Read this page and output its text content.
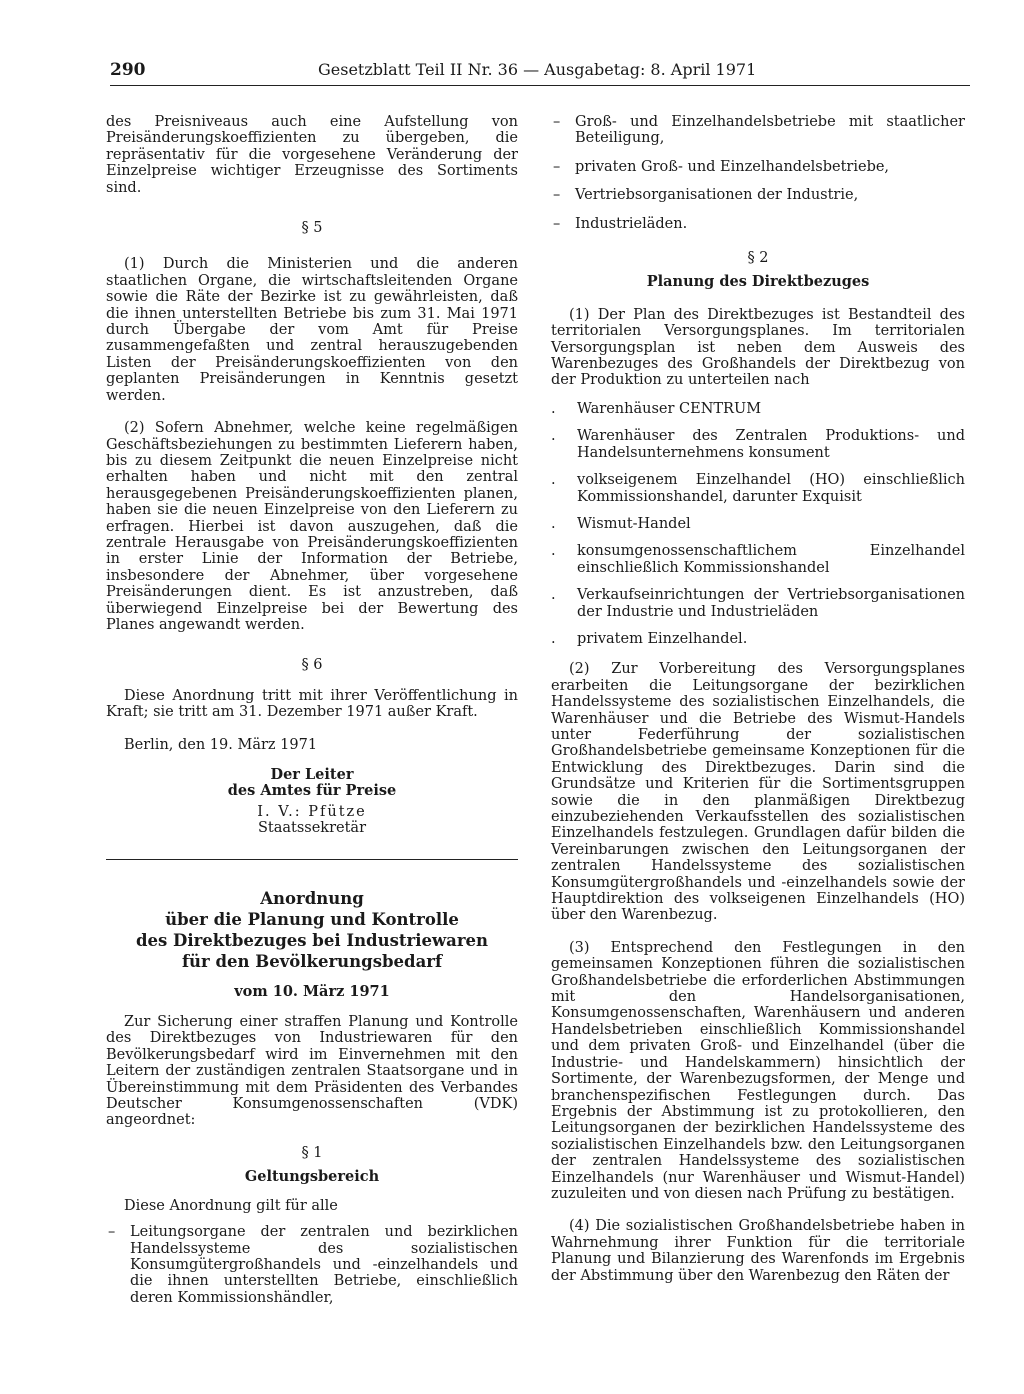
290	Gesetzblatt Teil II Nr. 36 — Ausgabetag: 8. April 1971

des Preisniveaus auch eine Aufstellung von Preisänderungskoeffizienten zu übergeben, die repräsentativ für die vorgesehene Veränderung der Einzelpreise wichtiger Erzeugnisse des Sortiments sind.

§ 5

(1) Durch die Ministerien und die anderen staatlichen Organe, die wirtschaftsleitenden Organe sowie die Räte der Bezirke ist zu gewährleisten, daß die ihnen unterstellten Betriebe bis zum 31. Mai 1971 durch Übergabe der vom Amt für Preise zusammengefaßten und zentral herauszugebenden Listen der Preisänderungskoeffizienten von den geplanten Preisänderungen in Kenntnis gesetzt werden.

(2) Sofern Abnehmer, welche keine regelmäßigen Geschäftsbeziehungen zu bestimmten Lieferern haben, bis zu diesem Zeitpunkt die neuen Einzelpreise nicht erhalten haben und nicht mit den zentral herausgegebenen Preisänderungskoeffizienten planen, haben sie die neuen Einzelpreise von den Lieferern zu erfragen. Hierbei ist davon auszugehen, daß die zentrale Herausgabe von Preisänderungskoeffizienten in erster Linie der Information der Betriebe, insbesondere der Abnehmer, über vorgesehene Preisänderungen dient. Es ist anzustreben, daß überwiegend Einzelpreise bei der Bewertung des Planes angewandt werden.

§ 6

Diese Anordnung tritt mit ihrer Veröffentlichung in Kraft; sie tritt am 31. Dezember 1971 außer Kraft.

Berlin, den 19. März 1971

Der Leiter

des Amtes für Preise

I. V.: Pfütze

Staatssekretär

Anordnung

über die Planung und Kontrolle

des Direktbezuges bei Industriewaren

für den Bevölkerungsbedarf

vom 10. März 1971

Zur Sicherung einer straffen Planung und Kontrolle des Direktbezuges von Industriewaren für den Bevölkerungsbedarf wird im Einvernehmen mit den Leitern der zuständigen zentralen Staatsorgane und in Übereinstimmung mit dem Präsidenten des Verbandes Deutscher Konsumgenossenschaften (VDK) angeordnet:

§ 1

Geltungsbereich

Diese Anordnung gilt für alle

– Leitungsorgane der zentralen und bezirklichen Handelssysteme des sozialistischen Konsumgütergroßhandels und -einzelhandels und die ihnen unterstellten Betriebe, einschließlich deren Kommissionshändler,
– Groß- und Einzelhandelsbetriebe mit staatlicher Beteiligung,
– privaten Groß- und Einzelhandelsbetriebe,
– Vertriebsorganisationen der Industrie,
– Industrieläden.

§ 2

Planung des Direktbezuges

(1) Der Plan des Direktbezuges ist Bestandteil des territorialen Versorgungsplanes. Im territorialen Versorgungsplan ist neben dem Ausweis des Warenbezuges des Großhandels der Direktbezug von der Produktion zu unterteilen nach

. Warenhäuser CENTRUM
. Warenhäuser des Zentralen Produktions- und Handelsunternehmens konsument
. volkseigenem Einzelhandel (HO) einschließlich Kommissionshandel, darunter Exquisit
. Wismut-Handel
. konsumgenossenschaftlichem Einzelhandel einschließlich Kommissionshandel
. Verkaufseinrichtungen der Vertriebsorganisationen der Industrie und Industrieläden
. privatem Einzelhandel.

(2) Zur Vorbereitung des Versorgungsplanes erarbeiten die Leitungsorgane der bezirklichen Handelssysteme des sozialistischen Einzelhandels, die Warenhäuser und die Betriebe des Wismut-Handels unter Federführung der sozialistischen Großhandelsbetriebe gemeinsame Konzeptionen für die Entwicklung des Direktbezuges. Darin sind die Grundsätze und Kriterien für die Sortimentsgruppen sowie die in den planmäßigen Direktbezug einzubeziehenden Verkaufsstellen des sozialistischen Einzelhandels festzulegen. Grundlagen dafür bilden die Vereinbarungen zwischen den Leitungsorganen der zentralen Handelssysteme des sozialistischen Konsumgütergroßhandels und -einzelhandels sowie der Hauptdirektion des volkseigenen Einzelhandels (HO) über den Warenbezug.

(3) Entsprechend den Festlegungen in den gemeinsamen Konzeptionen führen die sozialistischen Großhandelsbetriebe die erforderlichen Abstimmungen mit den Handelsorganisationen, Konsumgenossenschaften, Warenhäusern und anderen Handelsbetrieben einschließlich Kommissionshandel und dem privaten Groß- und Einzelhandel (über die Industrie- und Handelskammern) hinsichtlich der Sortimente, der Warenbezugsformen, der Menge und branchenspezifischen Festlegungen durch. Das Ergebnis der Abstimmung ist zu protokollieren, den Leitungsorganen der bezirklichen Handelssysteme des sozialistischen Einzelhandels bzw. den Leitungsorganen der zentralen Handelssysteme des sozialistischen Einzelhandels (nur Warenhäuser und Wismut-Handel) zuzuleiten und von diesen nach Prüfung zu bestätigen.

(4) Die sozialistischen Großhandelsbetriebe haben in Wahrnehmung ihrer Funktion für die territoriale Planung und Bilanzierung des Warenfonds im Ergebnis der Abstimmung über den Warenbezug den Räten der
